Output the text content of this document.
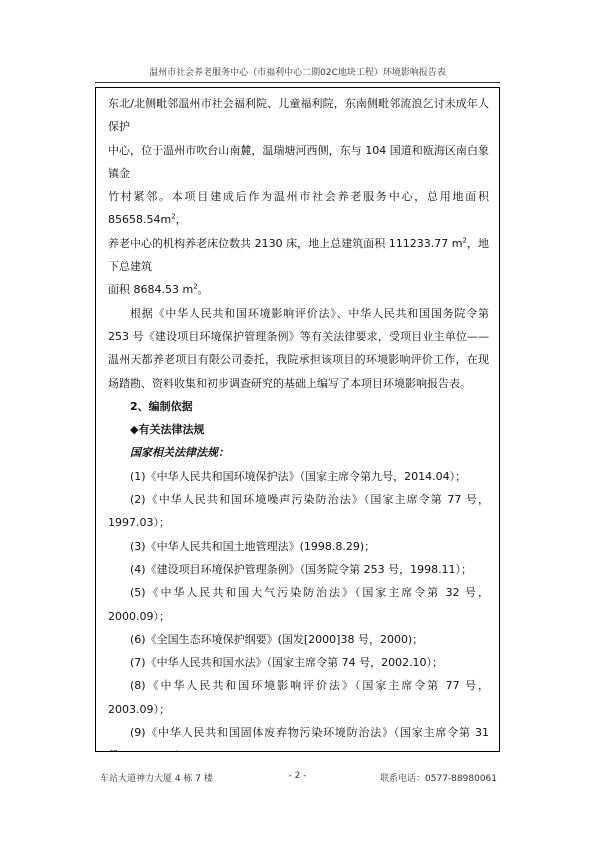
温州市社会养老服务中心（市福利中心二期02C地块工程）环境影响报告表

东北/北侧毗邻温州市社会福利院、儿童福利院，东南侧毗邻流浪乞讨未成年人保护

中心，位于温州市吹台山南麓，温瑞塘河西侧，东与 104 国道和瓯海区南白象镇金

竹村紧邻。本项目建成后作为温州市社会养老服务中心，总用地面积 $85658.54m^2$，

养老中心的机构养老床位数共 2130 床，地上总建筑面积 111233.77 $m^2$，地下总建筑

面积 8684.53 $m^2$。

根据《中华人民共和国环境影响评价法》、中华人民共和国国务院令第 253 号《建设项目环境保护管理条例》等有关法律要求，受项目业主单位——温州天都养老项目有限公司委托，我院承担该项目的环境影响评价工作，在现场踏勘、资料收集和初步调查研究的基础上编写了本项目环境影响报告表。

2、编制依据

◆有关法律法规

国家相关法律法规：

(1)《中华人民共和国环境保护法》（国家主席令第九号，2014.04）；

(2)《中华人民共和国环境噪声污染防治法》（国家主席令第 77 号，1997.03）；

(3)《中华人民共和国土地管理法》(1998.8.29)；

(4)《建设项目环境保护管理条例》（国务院令第 253 号，1998.11）；

(5)《中华人民共和国大气污染防治法》（国家主席令第 32 号，2000.09）；

(6)《全国生态环境保护纲要》(国发[2000]38 号，2000)；

(7)《中华人民共和国水法》（国家主席令第 74 号，2002.10）；

(8)《中华人民共和国环境影响评价法》（国家主席令第 77 号，2003.09）；

(9)《中华人民共和国固体废弃物污染环境防治法》（国家主席令第 31

车站大道神力大厦 4 栋 7 楼	- 2 -	联系电话：0577-88980061
